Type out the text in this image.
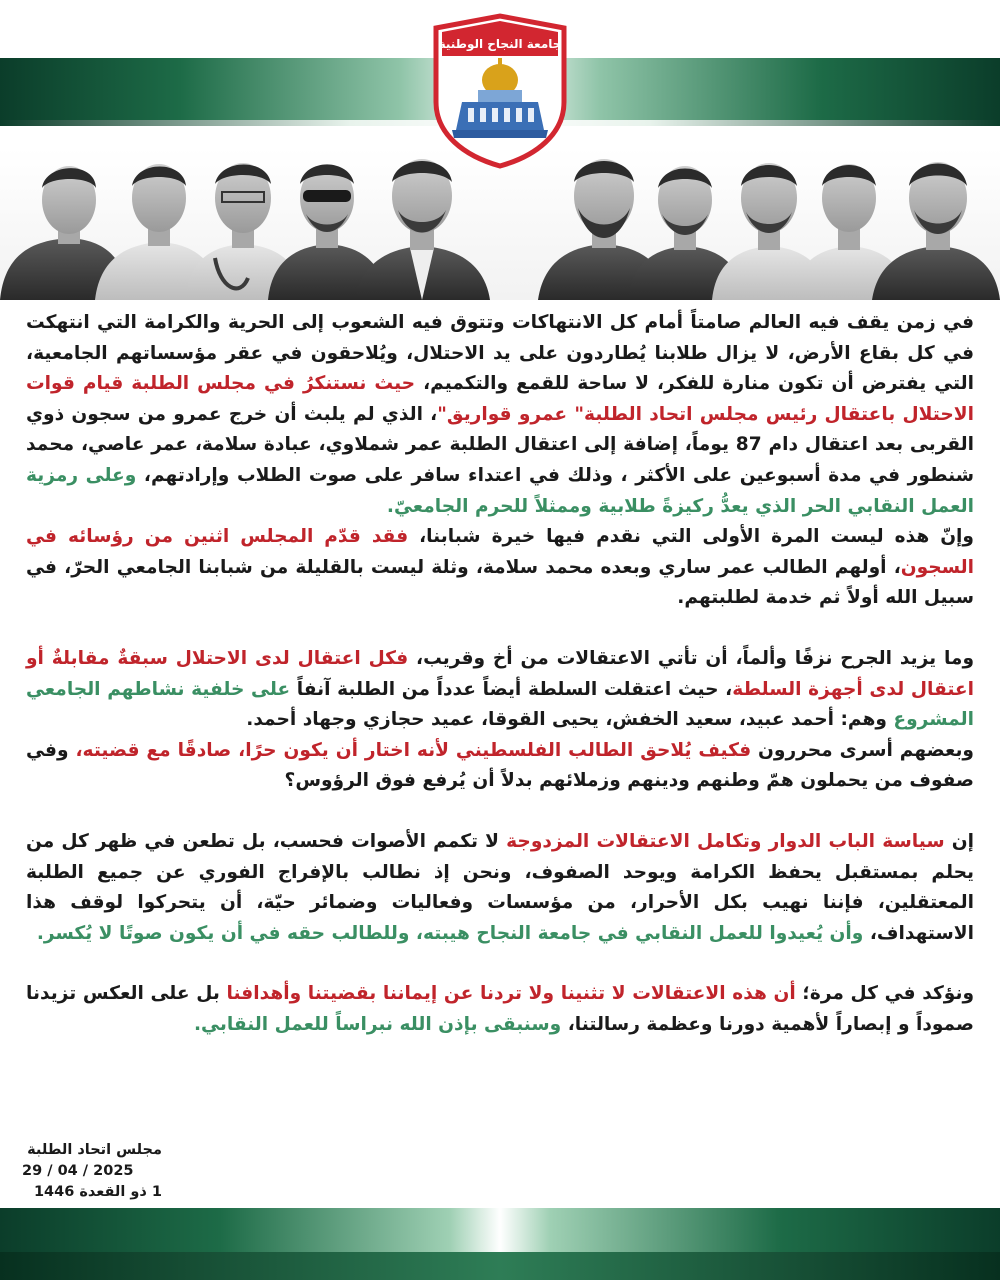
جامعة النجاح الوطنية

في زمن يقف فيه العالم صامتاً أمام كل الانتهاكات وتتوق فيه الشعوب إلى الحرية والكرامة التي انتهكت في كل بقاع الأرض، لا يزال طلابنا يُطاردون على يد الاحتلال، ويُلاحقون في عقر مؤسساتهم الجامعية، التي يفترض أن تكون منارة للفكر، لا ساحة للقمع والتكميم، حيث نستنكرُ في مجلس الطلبة قيام قوات الاحتلال باعتقال رئيس مجلس اتحاد الطلبة" عمرو قواريق"، الذي لم يلبث أن خرج عمرو من سجون ذوي القربى بعد اعتقال دام 87 يوماً، إضافة إلى اعتقال الطلبة عمر شملاوي، عبادة سلامة، عمر عاصي، محمد شنطور في مدة أسبوعين على الأكثر ، وذلك في اعتداء سافر على صوت الطلاب وإرادتهم، وعلى رمزية العمل النقابي الحر الذي يعدُّ ركيزةً طلابية وممثلاً للحرم الجامعيّ.

وإنّ هذه ليست المرة الأولى التي نقدم فيها خيرة شبابنا، فقد قدّم المجلس اثنين من رؤسائه في السجون، أولهم الطالب عمر ساري وبعده محمد سلامة، وثلة ليست بالقليلة من شبابنا الجامعي الحرّ، في سبيل الله أولاً ثم خدمة لطلبتهم.

وما يزيد الجرح نزفًا وألماً، أن تأتي الاعتقالات من أخ وقريب، فكل اعتقال لدى الاحتلال سبقةٌ مقابلةٌ أو اعتقال لدى أجهزة السلطة، حيث اعتقلت السلطة أيضاً عدداً من الطلبة آنفاً على خلفية نشاطهم الجامعي المشروع وهم: أحمد عبيد، سعيد الخفش، يحيى القوقا، عميد حجازي وجهاد أحمد.

وبعضهم أسرى محررون فكيف يُلاحق الطالب الفلسطيني لأنه اختار أن يكون حرًا، صادقًا مع قضيته، وفي صفوف من يحملون همّ وطنهم ودينهم وزملائهم بدلاً أن يُرفع فوق الرؤوس؟

إن سياسة الباب الدوار وتكامل الاعتقالات المزدوجة لا تكمم الأصوات فحسب، بل تطعن في ظهر كل من يحلم بمستقبل يحفظ الكرامة ويوحد الصفوف، ونحن إذ نطالب بالإفراج الفوري عن جميع الطلبة المعتقلين، فإننا نهيب بكل الأحرار، من مؤسسات وفعاليات وضمائر حيّة، أن يتحركوا لوقف هذا الاستهداف، وأن يُعيدوا للعمل النقابي في جامعة النجاح هيبته، وللطالب حقه في أن يكون صوتًا لا يُكسر.

ونؤكد في كل مرة؛ أن هذه الاعتقالات لا تثنينا ولا تردنا عن إيماننا بقضيتنا وأهدافنا بل على العكس تزيدنا صموداً و إبصاراً لأهمية دورنا وعظمة رسالتنا، وسنبقى بإذن الله نبراساً للعمل النقابي.

مجلس اتحاد الطلبة
29 / 04 / 2025
1 ذو القعدة 1446
